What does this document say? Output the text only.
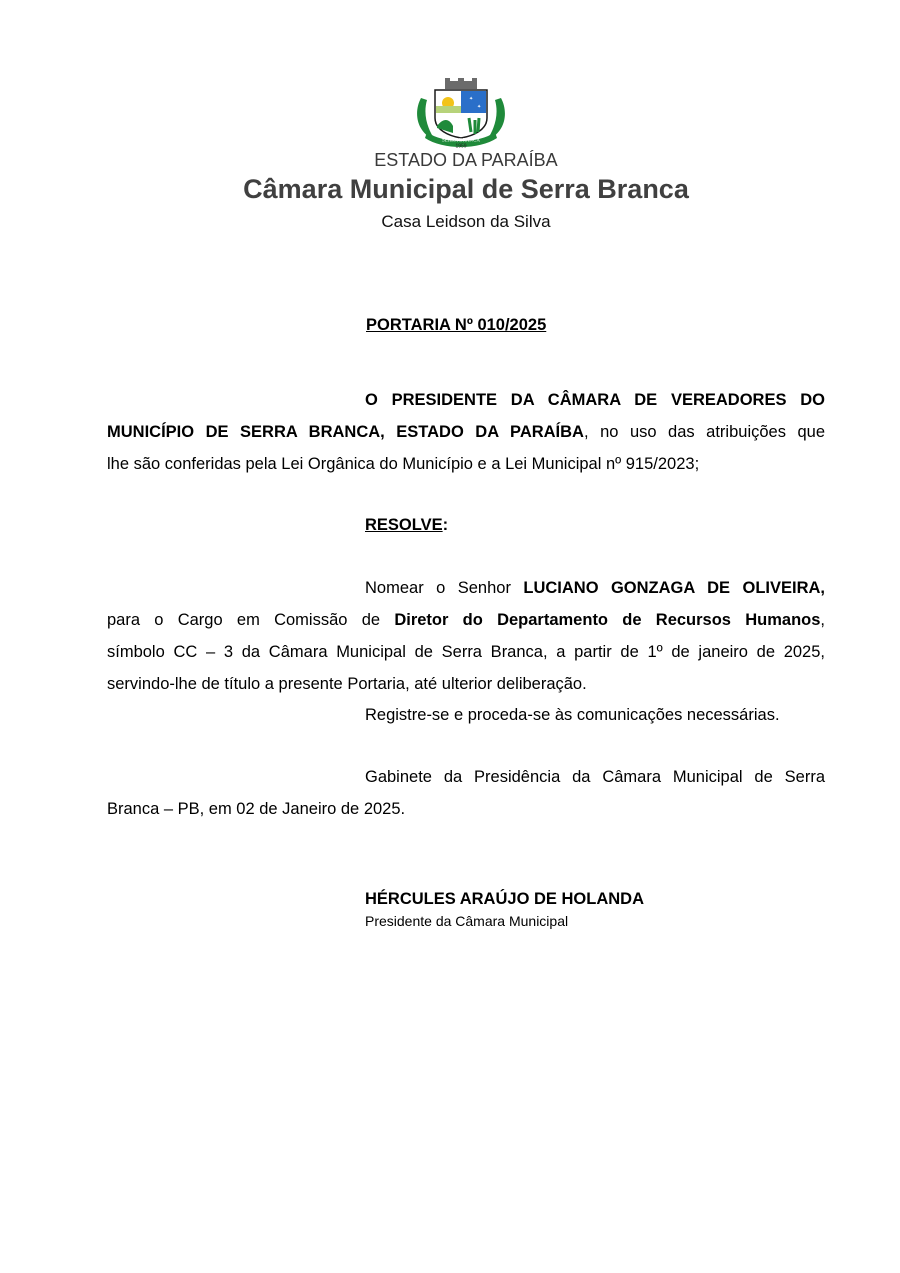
✦
✦
SERRA BRANCA
1959
ESTADO DA PARAÍBA
Câmara Municipal de Serra Branca
Casa Leidson da Silva
PORTARIA Nº 010/2025
O PRESIDENTE DA CÂMARA DE VEREADORES DO
MUNICÍPIO DE SERRA BRANCA, ESTADO DA PARAÍBA, no uso das atribuições que
lhe são conferidas pela Lei Orgânica do Município e a Lei Municipal nº 915/2023;
RESOLVE:
Nomear o Senhor LUCIANO GONZAGA DE OLIVEIRA,
para o Cargo em Comissão de Diretor do Departamento de Recursos Humanos,
símbolo CC – 3 da Câmara Municipal de Serra Branca, a partir de 1º de janeiro de 2025,
servindo-lhe de título a presente Portaria, até ulterior deliberação.
Registre-se e proceda-se às comunicações necessárias.
Gabinete da Presidência da Câmara Municipal de Serra
Branca – PB, em 02 de Janeiro de 2025.
HÉRCULES ARAÚJO DE HOLANDA
Presidente da Câmara Municipal
